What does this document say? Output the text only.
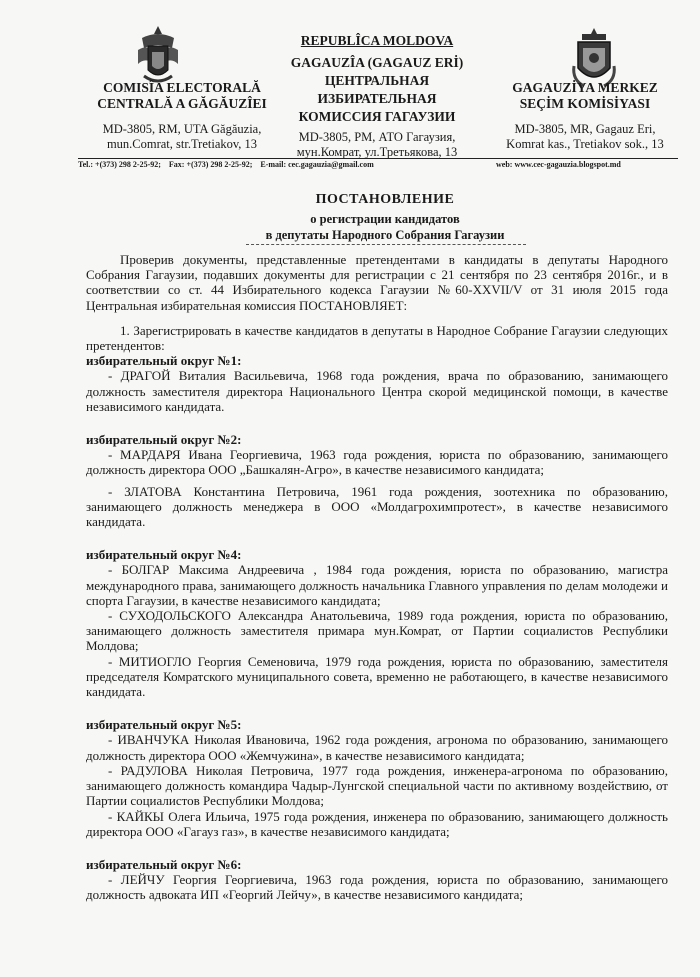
COMISÎA ELECTORALĂ
CENTRALĂ A GĂGĂUZÎEI
MD-3805, RM, UTA Găgăuzia,
mun.Comrat, str.Tretiakov, 13
REPUBLÎCA MOLDOVA
GAGAUZÎA (GAGAUZ ERİ)
ЦЕНТРАЛЬНАЯ
ИЗБИРАТЕЛЬНАЯ
КОМИССИЯ ГАГАУЗИИ
MD-3805, РМ, АТО Гагаузия,
мун.Комрат, ул.Третьякова, 13
GAGAUZİYA MERKEZ
SEÇİM KOMİSİYASI
MD-3805, MR, Gagauz Eri,
Komrat kas., Tretiakov sok., 13
Tel.: +(373) 298 2-25-92; Fax: +(373) 298 2-25-92; E-mail: cec.gagauzia@gmail.com	web: www.cec-gagauzia.blogspot.md
ПОСТАНОВЛЕНИЕ
о регистрации кандидатов
в депутаты Народного Собрания Гагаузии

Проверив документы, представленные претендентами в кандидаты в депутаты Народного Собрания Гагаузии, подавших документы для регистрации с 21 сентября по 23 сентября 2016г., и в соответствии со ст. 44 Избирательного кодекса Гагаузии №60-XXVII/V от 31 июля 2015 года Центральная избирательная комиссия ПОСТАНОВЛЯЕТ:

1. Зарегистрировать в качестве кандидатов в депутаты в Народное Собрание Гагаузии следующих претендентов:

избирательный округ №1:

- ДРАГОЙ Виталия Васильевича, 1968 года рождения, врача по образованию, занимающего должность заместителя директора Национального Центра скорой медицинской помощи, в качестве независимого кандидата.

избирательный округ №2:

- МАРДАРЯ Ивана Георгиевича, 1963 года рождения, юриста по образованию, занимающего должность директора ООО „Башкалян-Агро», в качестве независимого кандидата;

- ЗЛАТОВА Константина Петровича, 1961 года рождения, зоотехника по образованию, занимающего должность менеджера в ООО «Молдагрохимпротест», в качестве независимого кандидата.

избирательный округ №4:

- БОЛГАР Максима Андреевича , 1984 года рождения, юриста по образованию, магистра международного права, занимающего должность начальника Главного управления по делам молодежи и спорта Гагаузии, в качестве независимого кандидата;

- СУХОДОЛЬСКОГО Александра Анатольевича, 1989 года рождения, юриста по образованию, занимающего должность заместителя примара мун.Комрат, от Партии социалистов Республики Молдова;

- МИТИОГЛО Георгия Семеновича, 1979 года рождения, юриста по образованию, заместителя председателя Комратского муниципального совета, временно не работающего, в качестве независимого кандидата.

избирательный округ №5:

- ИВАНЧУКА Николая Ивановича, 1962 года рождения, агронома по образованию, занимающего должность директора ООО «Жемчужина», в качестве независимого кандидата;

- РАДУЛОВА Николая Петровича, 1977 года рождения, инженера-агронома по образованию, занимающего должность командира Чадыр-Лунгской специальной части по активному воздействию, от Партии социалистов Республики Молдова;

- КАЙКЫ Олега Ильича, 1975 года рождения, инженера по образованию, занимающего должность директора ООО «Гагауз газ», в качестве независимого кандидата;

избирательный округ №6:

- ЛЕЙЧУ Георгия Георгиевича, 1963 года рождения, юриста по образованию, занимающего должность адвоката ИП «Георгий Лейчу», в качестве независимого кандидата;
